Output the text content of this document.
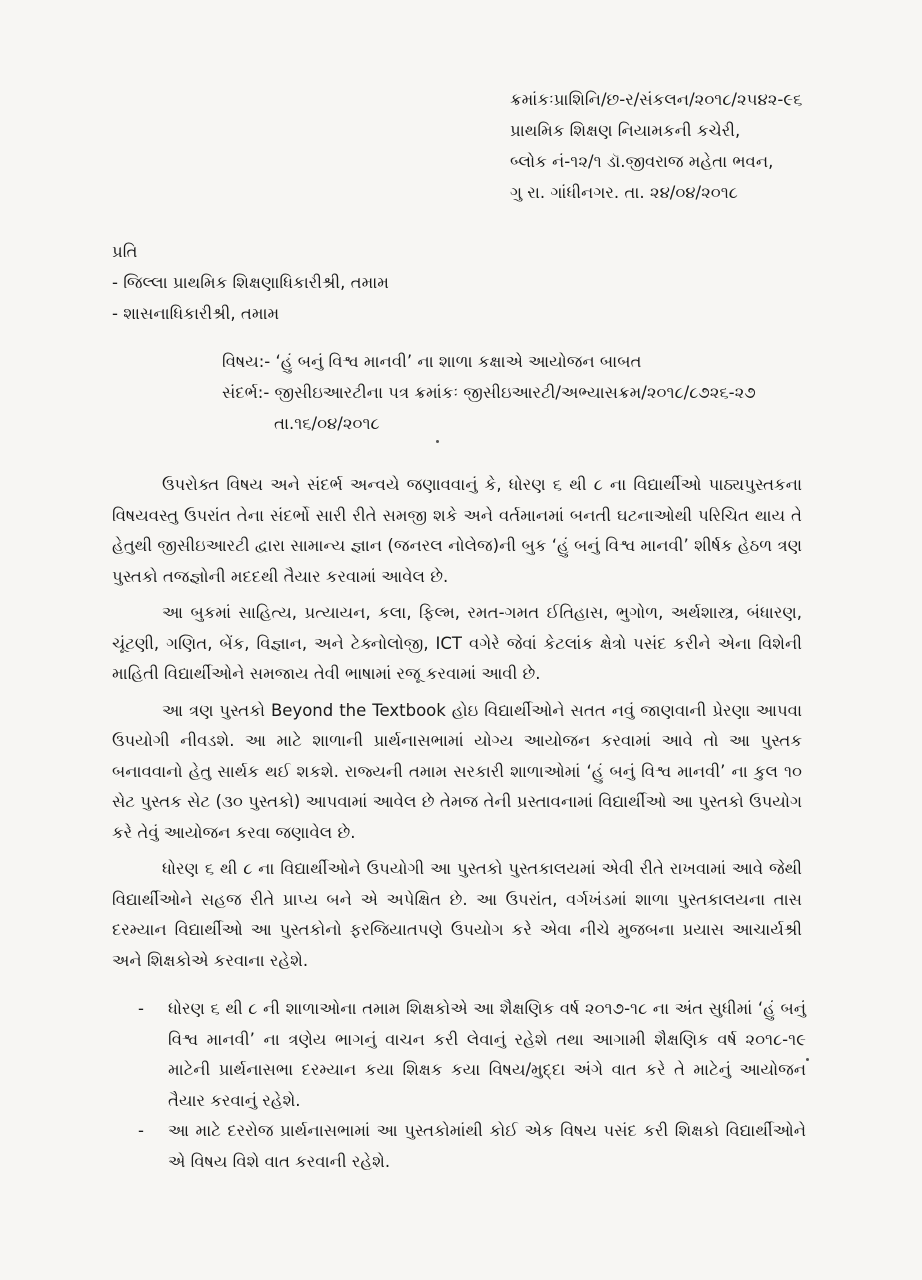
ક્રમાંકઃપ્રાશિનિ/છ-ર/સંકલન/૨૦૧૮/૨૫૪૨-૯૬
પ્રાથમિક શિક્ષણ નિયામકની કચેરી,
બ્લોક નં-૧૨/૧ ડૉ.જીવરાજ મહેતા ભવન,
ગુ રા. ગાંધીનગર. તા. ૨૪/૦૪/૨૦૧૮
પ્રતિ
- જિલ્લા પ્રાથમિક શિક્ષણાધિકારીશ્રી, તમામ
- શાસનાધિકારીશ્રી, તમામ
વિષય:- ‘હું બનું વિશ્વ માનવી’ ના શાળા કક્ષાએ આયોજન બાબત
સંદર્ભ:- જીસીઇઆરટીના પત્ર ક્રમાંકઃ જીસીઇઆરટી/અભ્યાસક્રમ/૨૦૧૮/૮૭૨૬-૨૭
તા.૧૬/૦૪/૨૦૧૮

ઉપરોક્ત વિષય અને સંદર્ભ અન્વયે જણાવવાનું કે, ધોરણ ૬ થી ૮ ના વિદ્યાર્થીઓ પાઠ્યપુસ્તકના વિષયવસ્તુ ઉપરાંત તેના સંદર્ભો સારી રીતે સમજી શકે અને વર્તમાનમાં બનતી ઘટનાઓથી પરિચિત થાય તે હેતુથી જીસીઇઆરટી દ્વારા સામાન્ય જ્ઞાન (જનરલ નોલેજ)ની બુક ‘હું બનું વિશ્વ માનવી’ શીર્ષક હેઠળ ત્રણ પુસ્તકો તજજ્ઞોની મદદથી તૈયાર કરવામાં આવેલ છે.

આ બુકમાં સાહિત્ય, પ્રત્યાયન, કલા, ફિલ્મ, રમત-ગમત ઈતિહાસ, ભુગોળ, અર્થશાસ્ત્ર, બંધારણ, ચૂંટણી, ગણિત, બેંક, વિજ્ઞાન, અને ટેક્નોલોજી, ICT વગેરે જેવાં કેટલાંક ક્ષેત્રો પસંદ કરીને એના વિશેની માહિતી વિદ્યાર્થીઓને સમજાય તેવી ભાષામાં રજૂ કરવામાં આવી છે.

આ ત્રણ પુસ્તકો Beyond the Textbook હોઇ વિદ્યાર્થીઓને સતત નવું જાણવાની પ્રેરણા આપવા ઉપયોગી નીવડશે. આ માટે શાળાની પ્રાર્થનાસભામાં યોગ્ય આયોજન કરવામાં આવે તો આ પુસ્તક બનાવવાનો હેતુ સાર્થક થઈ શકશે. રાજ્યની તમામ સરકારી શાળાઓમાં ‘હું બનું વિશ્વ માનવી’ ના કુલ ૧૦ સેટ પુસ્તક સેટ (૩૦ પુસ્તકો) આપવામાં આવેલ છે તેમજ તેની પ્રસ્તાવનામાં વિદ્યાર્થીઓ આ પુસ્તકો ઉપયોગ કરે તેવું આયોજન કરવા જણાવેલ છે.

ધોરણ ૬ થી ૮ ના વિદ્યાર્થીઓને ઉપયોગી આ પુસ્તકો પુસ્તકાલયમાં એવી રીતે રાખવામાં આવે જેથી વિદ્યાર્થીઓને સહજ રીતે પ્રાપ્ય બને એ અપેક્ષિત છે. આ ઉપરાંત, વર્ગખંડમાં શાળા પુસ્તકાલયના તાસ દરમ્યાન વિદ્યાર્થીઓ આ પુસ્તકોનો ફરજિયાતપણે ઉપયોગ કરે એવા નીચે મુજબના પ્રયાસ આચાર્યશ્રી અને શિક્ષકોએ કરવાના રહેશે.

-	ધોરણ ૬ થી ૮ ની શાળાઓના તમામ શિક્ષકોએ આ શૈક્ષણિક વર્ષ ૨૦૧૭-૧૮ ના અંત સુધીમાં ‘હું બનું વિશ્વ માનવી’ ના ત્રણેય ભાગનું વાચન કરી લેવાનું રહેશે તથા આગામી શૈક્ષણિક વર્ષ ૨૦૧૮-૧૯ માટેની પ્રાર્થનાસભા દરમ્યાન કયા શિક્ષક કયા વિષય/મુદ્દા અંગે વાત કરે તે માટેનું આયોજન તૈયાર કરવાનું રહેશે.
-	આ માટે દરરોજ પ્રાર્થનાસભામાં આ પુસ્તકોમાંથી કોઈ એક વિષય પસંદ કરી શિક્ષકો વિદ્યાર્થીઓને એ વિષય વિશે વાત કરવાની રહેશે.
